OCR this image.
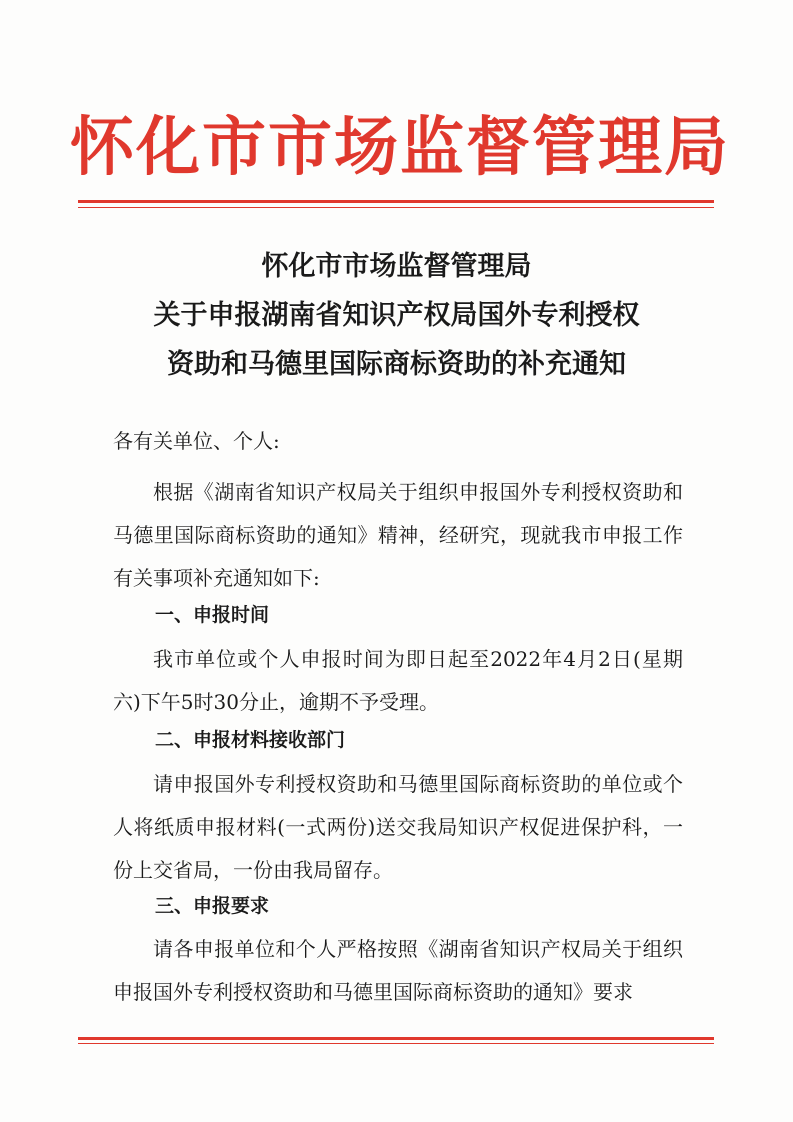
怀化市市场监督管理局
怀化市市场监督管理局
关于申报湖南省知识产权局国外专利授权
资助和马德里国际商标资助的补充通知
各有关单位、个人:
根据《湖南省知识产权局关于组织申报国外专利授权资助和马德里国际商标资助的通知》精神，经研究，现就我市申报工作有关事项补充通知如下:
一、申报时间
我市单位或个人申报时间为即日起至2022年4月2日(星期六)下午5时30分止，逾期不予受理。
二、申报材料接收部门
请申报国外专利授权资助和马德里国际商标资助的单位或个人将纸质申报材料(一式两份)送交我局知识产权促进保护科，一份上交省局，一份由我局留存。
三、申报要求
请各申报单位和个人严格按照《湖南省知识产权局关于组织申报国外专利授权资助和马德里国际商标资助的通知》要求
